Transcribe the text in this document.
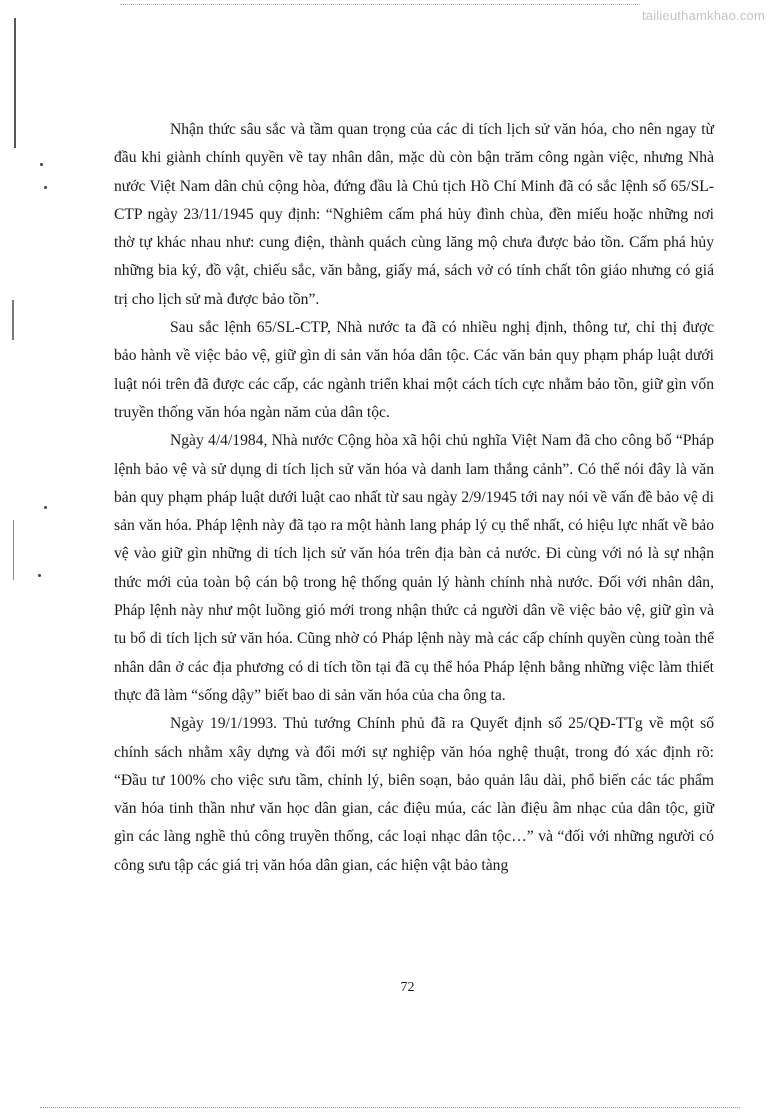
tailieuthamkhao.com

Nhận thức sâu sắc và tầm quan trọng của các di tích lịch sử văn hóa, cho nên ngay từ đầu khi giành chính quyền về tay nhân dân, mặc dù còn bận trăm công ngàn việc, nhưng Nhà nước Việt Nam dân chủ cộng hòa, đứng đầu là Chủ tịch Hồ Chí Minh đã có sắc lệnh số 65/SL-CTP ngày 23/11/1945 quy định: “Nghiêm cấm phá hủy đình chùa, đền miếu hoặc những nơi thờ tự khác nhau như: cung điện, thành quách cùng lăng mộ chưa được bảo tồn. Cấm phá hủy những bia ký, đồ vật, chiếu sắc, văn bằng, giấy má, sách vở có tính chất tôn giáo nhưng có giá trị cho lịch sử mà được bảo tồn”.

Sau sắc lệnh 65/SL-CTP, Nhà nước ta đã có nhiều nghị định, thông tư, chỉ thị được bảo hành về việc bảo vệ, giữ gìn di sản văn hóa dân tộc. Các văn bản quy phạm pháp luật dưới luật nói trên đã được các cấp, các ngành triển khai một cách tích cực nhằm bảo tồn, giữ gìn vốn truyền thống văn hóa ngàn năm của dân tộc.

Ngày 4/4/1984, Nhà nước Cộng hòa xã hội chủ nghĩa Việt Nam đã cho công bố “Pháp lệnh bảo vệ và sử dụng di tích lịch sử văn hóa và danh lam thắng cảnh”. Có thể nói đây là văn bản quy phạm pháp luật dưới luật cao nhất từ sau ngày 2/9/1945 tới nay nói về vấn đề bảo vệ di sản văn hóa. Pháp lệnh này đã tạo ra một hành lang pháp lý cụ thể nhất, có hiệu lực nhất về bảo vệ vào giữ gìn những di tích lịch sử văn hóa trên địa bàn cả nước. Đi cùng với nó là sự nhận thức mới của toàn bộ cán bộ trong hệ thống quản lý hành chính nhà nước. Đối với nhân dân, Pháp lệnh này như một luồng gió mới trong nhận thức cả người dân về việc bảo vệ, giữ gìn và tu bổ di tích lịch sử văn hóa. Cũng nhờ có Pháp lệnh này mà các cấp chính quyền cùng toàn thể nhân dân ở các địa phương có di tích tồn tại đã cụ thể hóa Pháp lệnh bằng những việc làm thiết thực đã làm “sống dậy” biết bao di sản văn hóa của cha ông ta.

Ngày 19/1/1993. Thủ tướng Chính phủ đã ra Quyết định số 25/QĐ-TTg về một số chính sách nhằm xây dựng và đổi mới sự nghiệp văn hóa nghệ thuật, trong đó xác định rõ: “Đầu tư 100% cho việc sưu tầm, chỉnh lý, biên soạn, bảo quản lâu dài, phổ biến các tác phẩm văn hóa tinh thần như văn học dân gian, các điệu múa, các làn điệu âm nhạc của dân tộc, giữ gìn các làng nghề thủ công truyền thống, các loại nhạc dân tộc…” và “đối với những người có công sưu tập các giá trị văn hóa dân gian, các hiện vật bảo tàng

72
